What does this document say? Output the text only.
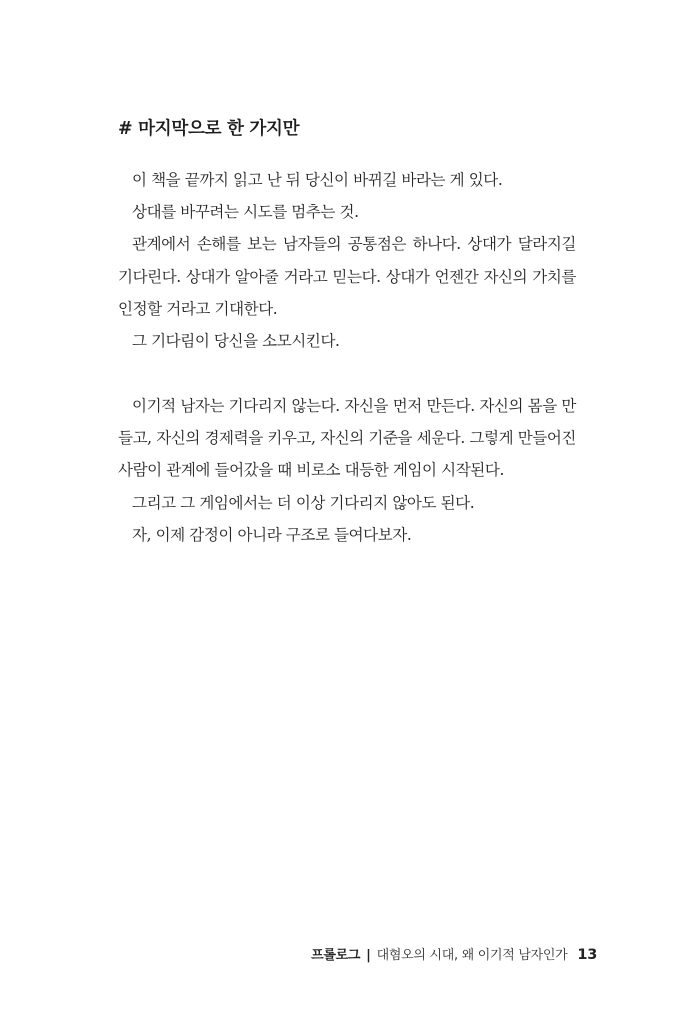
# 마지막으로 한 가지만

이 책을 끝까지 읽고 난 뒤 당신이 바뀌길 바라는 게 있다.

상대를 바꾸려는 시도를 멈추는 것.

관계에서 손해를 보는 남자들의 공통점은 하나다. 상대가 달라지길 기다린다. 상대가 알아줄 거라고 믿는다. 상대가 언젠간 자신의 가치를 인정할 거라고 기대한다.

그 기다림이 당신을 소모시킨다.

이기적 남자는 기다리지 않는다. 자신을 먼저 만든다. 자신의 몸을 만들고, 자신의 경제력을 키우고, 자신의 기준을 세운다. 그렇게 만들어진 사람이 관계에 들어갔을 때 비로소 대등한 게임이 시작된다.

그리고 그 게임에서는 더 이상 기다리지 않아도 된다.

자, 이제 감정이 아니라 구조로 들여다보자.

프롤로그 | 대혐오의 시대, 왜 이기적 남자인가 13
